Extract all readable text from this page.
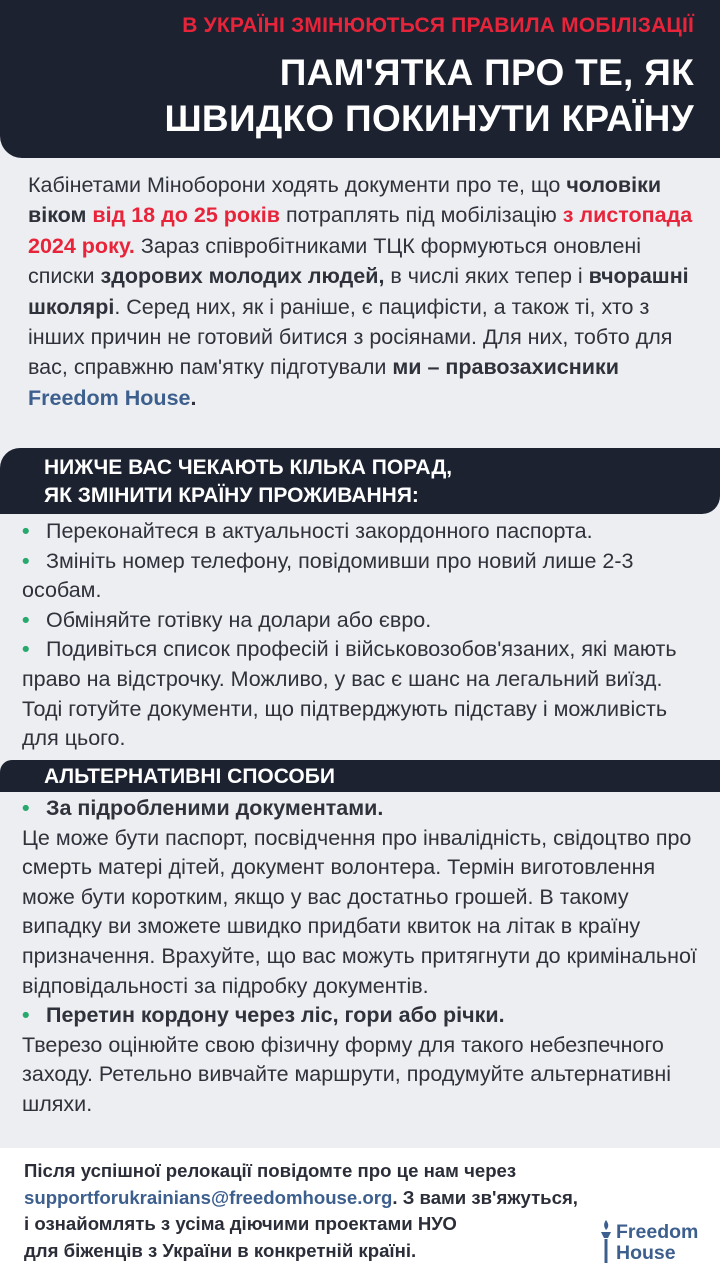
В УКРАЇНІ ЗМІНЮЮТЬСЯ ПРАВИЛА МОБІЛІЗАЦІЇ
ПАМ'ЯТКА ПРО ТЕ, ЯК
ШВИДКО ПОКИНУТИ КРАЇНУ
Кабінетами Міноборони ходять документи про те, що чоловіки віком від 18 до 25 років потраплять під мобілізацію з листопада 2024 року. Зараз співробітниками ТЦК формуються оновлені списки здорових молодих людей, в числі яких тепер і вчорашні школярі. Серед них, як і раніше, є пацифісти, а також ті, хто з інших причин не готовий битися з росіянами. Для них, тобто для вас, справжню пам'ятку підготували ми – правозахисники Freedom House.
НИЖЧЕ ВАС ЧЕКАЮТЬ КІЛЬКА ПОРАД,
ЯК ЗМІНИТИ КРАЇНУ ПРОЖИВАННЯ:
• Переконайтеся в актуальності закордонного паспорта.
• Змініть номер телефону, повідомивши про новий лише 2-3 особам.
• Обміняйте готівку на долари або євро.
• Подивіться список професій і військовозобов'язаних, які мають право на відстрочку. Можливо, у вас є шанс на легальний виїзд. Тоді готуйте документи, що підтверджують підставу і можливість для цього.
АЛЬТЕРНАТИВНІ СПОСОБИ
• За підробленими документами.
Це може бути паспорт, посвідчення про інвалідність, свідоцтво про смерть матері дітей, документ волонтера. Термін виготовлення може бути коротким, якщо у вас достатньо грошей. В такому випадку ви зможете швидко придбати квиток на літак в країну призначення. Врахуйте, що вас можуть притягнути до кримінальної відповідальності за підробку документів.
• Перетин кордону через ліс, гори або річки.
Тверезо оцінюйте свою фізичну форму для такого небезпечного заходу. Ретельно вивчайте маршрути, продумуйте альтернативні шляхи.
Після успішної релокації повідомте про це нам через
supportforukrainians@freedomhouse.org. З вами зв'яжуться,
і ознайомлять з усіма діючими проектами НУО
для біженців з України в конкретній країні.
Freedom
House
